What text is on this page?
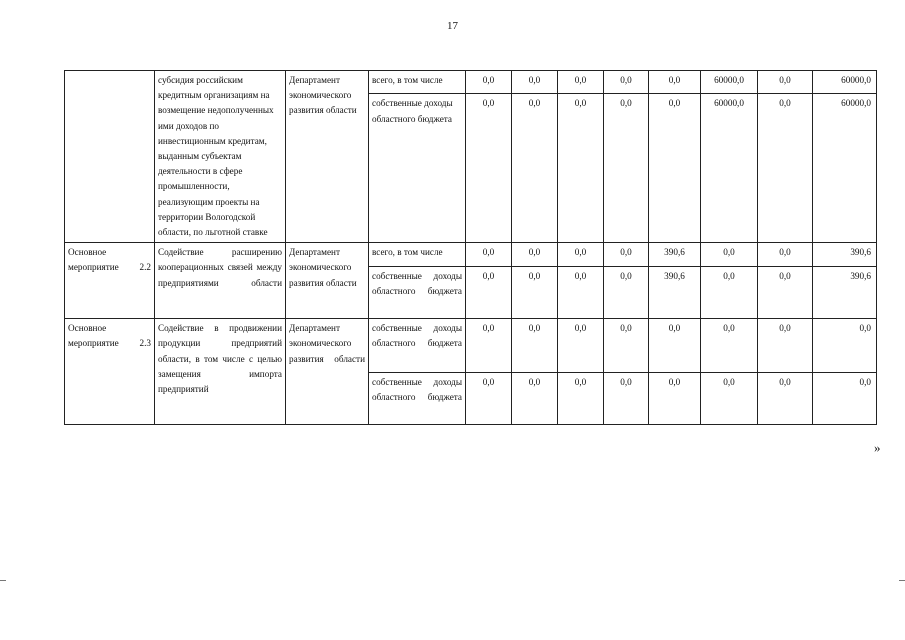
17
	субсидия российским кредитным организациям на возмещение недополученных ими доходов по инвестиционным кредитам, выданным субъектам деятельности в сфере промышленности, реализующим проекты на территории Вологодской области, по льготной ставке	Департамент экономического развития области	всего, в том числе	0,0	0,0	0,0	0,0	0,0	60000,0	0,0	60000,0
			собственные доходы областного бюджета	0,0	0,0	0,0	0,0	0,0	60000,0	0,0	60000,0
Основное мероприятие 2.2	Содействие расширению кооперационных связей между предприятиями области	Департамент экономического развития области	всего, в том числе	0,0	0,0	0,0	0,0	390,6	0,0	0,0	390,6
			собственные доходы областного бюджета	0,0	0,0	0,0	0,0	390,6	0,0	0,0	390,6
Основное мероприятие 2.3	Содействие в продвижении продукции предприятий области, в том числе с целью замещения импорта предприятий	Департамент экономического развития области	собственные доходы областного бюджета	0,0	0,0	0,0	0,0	0,0	0,0	0,0	0,0
			собственные доходы областного бюджета	0,0	0,0	0,0	0,0	0,0	0,0	0,0	0,0
»
